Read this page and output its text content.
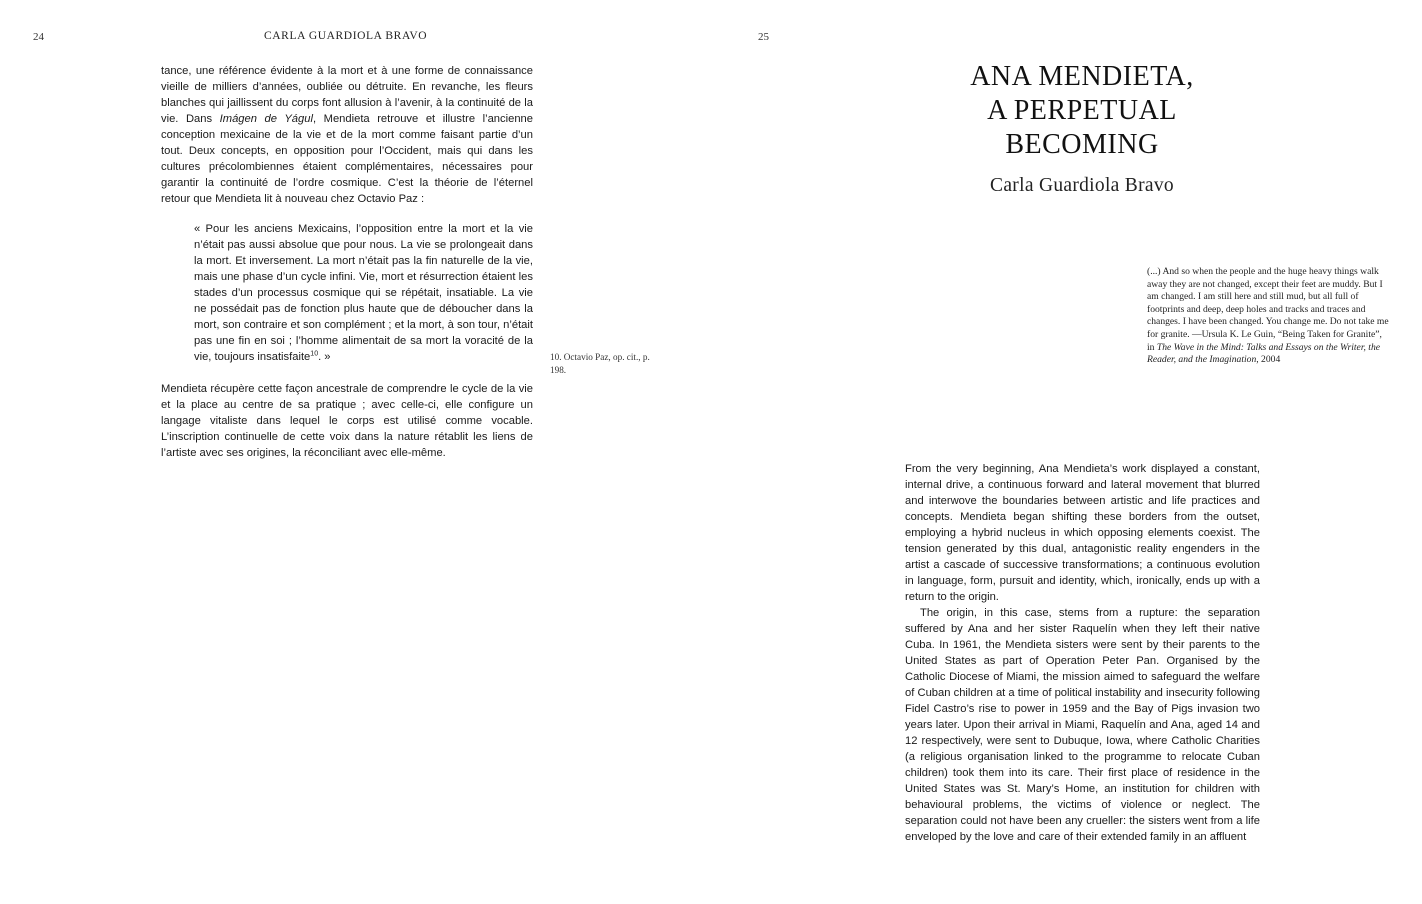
24	CARLA GUARDIOLA BRAVO

tance, une référence évidente à la mort et à une forme de connaissance vieille de milliers d’années, oubliée ou détruite. En revanche, les fleurs blanches qui jaillissent du corps font allusion à l’avenir, à la continuité de la vie. Dans Imágen de Yágul, Mendieta retrouve et illustre l’ancienne conception mexicaine de la vie et de la mort comme faisant partie d’un tout. Deux concepts, en opposition pour l’Occident, mais qui dans les cultures précolombiennes étaient complémentaires, nécessaires pour garantir la continuité de l’ordre cosmique. C’est la théorie de l’éternel retour que Mendieta lit à nouveau chez Octavio Paz :

« Pour les anciens Mexicains, l’opposition entre la mort et la vie n’était pas aussi absolue que pour nous. La vie se prolongeait dans la mort. Et inversement. La mort n’était pas la fin naturelle de la vie, mais une phase d’un cycle infini. Vie, mort et résurrection étaient les stades d’un processus cosmique qui se répétait, insatiable. La vie ne possédait pas de fonction plus haute que de déboucher dans la mort, son contraire et son complément ; et la mort, à son tour, n’était pas une fin en soi ; l’homme alimentait de sa mort la voracité de la vie, toujours insatisfaite$^{10}$. »	10. Octavio Paz, op. cit., p. 198.

Mendieta récupère cette façon ancestrale de comprendre le cycle de la vie et la place au centre de sa pratique ; avec celle-ci, elle configure un langage vitaliste dans lequel le corps est utilisé comme vocable. L’inscription continuelle de cette voix dans la nature rétablit les liens de l’artiste avec ses origines, la réconciliant avec elle-même.

25
ANA MENDIETA,
A PERPETUAL
BECOMING
Carla Guardiola Bravo

(...) And so when the people and the huge heavy things walk away they are not changed, except their feet are muddy. But I am changed. I am still here and still mud, but all full of footprints and deep, deep holes and tracks and traces and changes. I have been changed. You change me. Do not take me for granite. —Ursula K. Le Guin, “Being Taken for Granite”, in The Wave in the Mind: Talks and Essays on the Writer, the Reader, and the Imagination, 2004

From the very beginning, Ana Mendieta’s work displayed a constant, internal drive, a continuous forward and lateral movement that blurred and interwove the boundaries between artistic and life practices and concepts. Mendieta began shifting these borders from the outset, employing a hybrid nucleus in which opposing elements coexist. The tension generated by this dual, antagonistic reality engenders in the artist a cascade of successive transformations; a continuous evolution in language, form, pursuit and identity, which, ironically, ends up with a return to the origin.

The origin, in this case, stems from a rupture: the separation suffered by Ana and her sister Raquelín when they left their native Cuba. In 1961, the Mendieta sisters were sent by their parents to the United States as part of Operation Peter Pan. Organised by the Catholic Diocese of Miami, the mission aimed to safeguard the welfare of Cuban children at a time of political instability and insecurity following Fidel Castro’s rise to power in 1959 and the Bay of Pigs invasion two years later. Upon their arrival in Miami, Raquelín and Ana, aged 14 and 12 respectively, were sent to Dubuque, Iowa, where Catholic Charities (a religious organisation linked to the programme to relocate Cuban children) took them into its care. Their first place of residence in the United States was St. Mary’s Home, an institution for children with behavioural problems, the victims of violence or neglect. The separation could not have been any crueller: the sisters went from a life enveloped by the love and care of their extended family in an affluent
